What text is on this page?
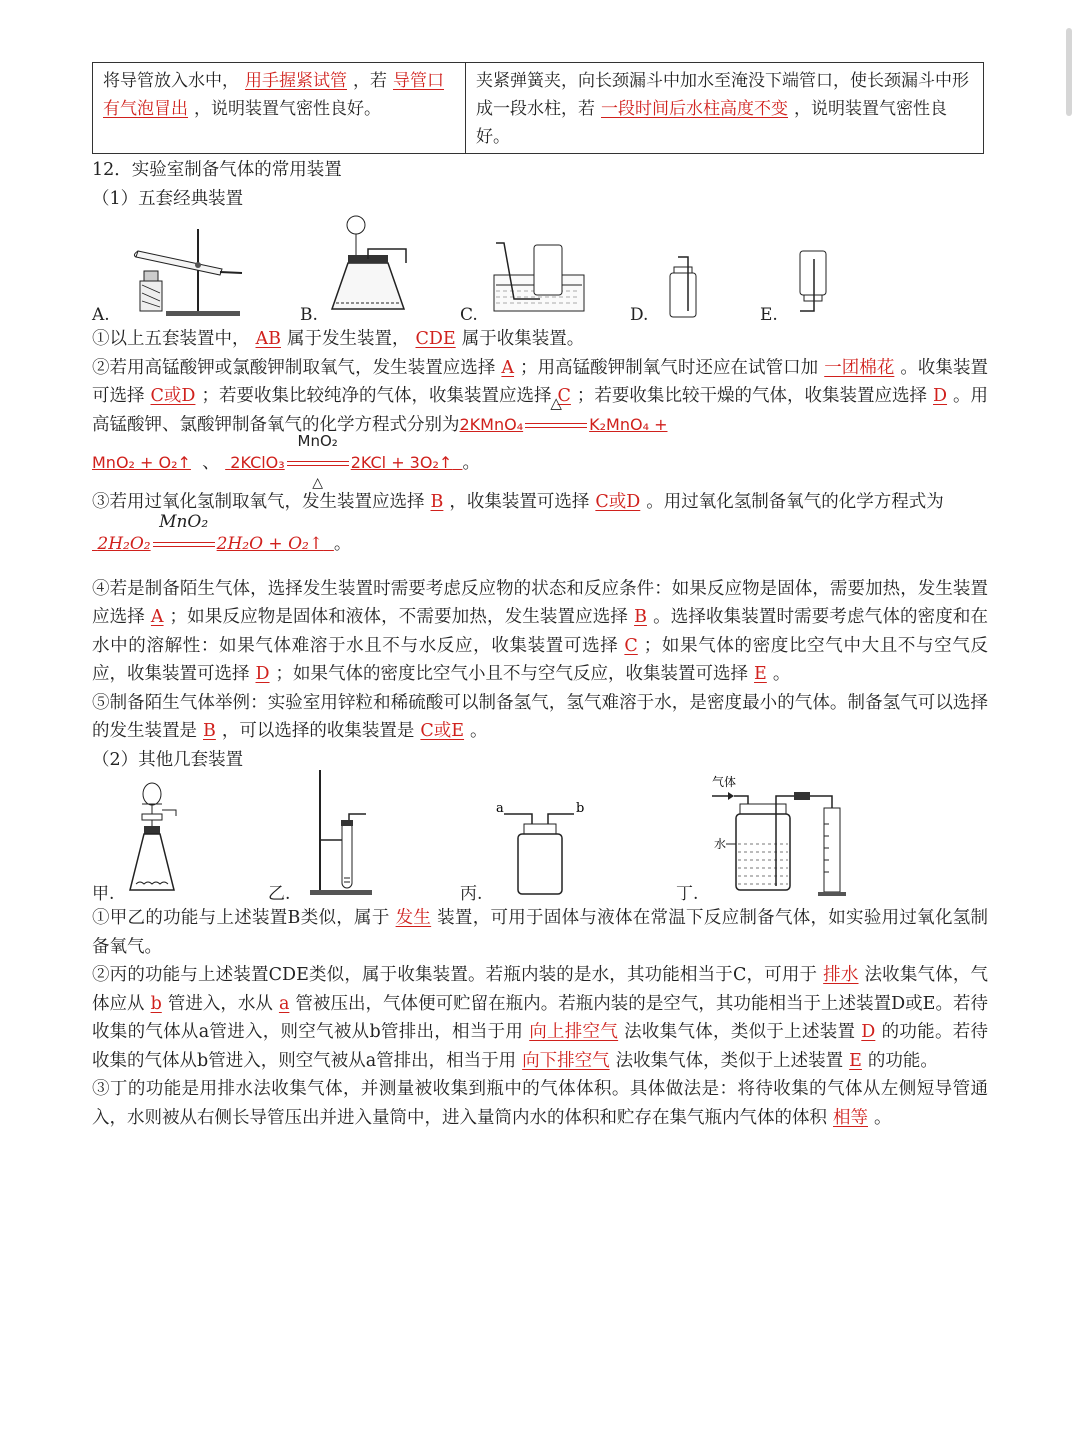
将导管放入水中， 用手握紧试管 ，若 导管口有气泡冒出 ，说明装置气密性良好。	夹紧弹簧夹，向长颈漏斗中加水至淹没下端管口，使长颈漏斗中形成一段水柱，若 一段时间后水柱高度不变 ，说明装置气密性良好。

12．实验室制备气体的常用装置

（1）五套经典装置

A.	B.	C.	D.	E.

①以上五套装置中， AB 属于发生装置， CDE 属于收集装置。

②若用高锰酸钾或氯酸钾制取氧气，发生装置应选择 A ；用高锰酸钾制氧气时还应在试管口加 一团棉花 。收集装置可选择 C或D ；若要收集比较纯净的气体，收集装置应选择 C ；若要收集比较干燥的气体，收集装置应选择 D 。用高锰酸钾、氯酸钾制备氧气的化学方程式分别为2KMnO₄
△
K₂MnO₄ +

MnO₂ + O₂↑ 、 2KClO₃
MnO₂
△
2KCl + 3O₂↑ 。

③若用过氧化氢制取氧气，发生装置应选择 B ，收集装置可选择 C或D 。用过氧化氢制备氧气的化学方程式为

2H₂O₂
MnO₂
2H₂O + O₂↑ 。

④若是制备陌生气体，选择发生装置时需要考虑反应物的状态和反应条件：如果反应物是固体，需要加热，发生装置应选择 A ；如果反应物是固体和液体，不需要加热，发生装置应选择 B 。选择收集装置时需要考虑气体的密度和在水中的溶解性：如果气体难溶于水且不与水反应，收集装置可选择 C ；如果气体的密度比空气中大且不与空气反应，收集装置可选择 D ；如果气体的密度比空气小且不与空气反应，收集装置可选择 E 。

⑤制备陌生气体举例：实验室用锌粒和稀硫酸可以制备氢气，氢气难溶于水，是密度最小的气体。制备氢气可以选择的发生装置是 B ，可以选择的收集装置是 C或E 。

（2）其他几套装置

甲.	乙.	丙.
a	b
丁.
气体
水

①甲乙的功能与上述装置B类似，属于 发生 装置，可用于固体与液体在常温下反应制备气体，如实验用过氧化氢制备氧气。

②丙的功能与上述装置CDE类似，属于收集装置。若瓶内装的是水，其功能相当于C，可用于 排水 法收集气体，气体应从 b 管进入，水从 a 管被压出，气体便可贮留在瓶内。若瓶内装的是空气，其功能相当于上述装置D或E。若待收集的气体从a管进入，则空气被从b管排出，相当于用 向上排空气 法收集气体，类似于上述装置 D 的功能。若待收集的气体从b管进入，则空气被从a管排出，相当于用 向下排空气 法收集气体，类似于上述装置 E 的功能。

③丁的功能是用排水法收集气体，并测量被收集到瓶中的气体体积。具体做法是：将待收集的气体从左侧短导管通入，水则被从右侧长导管压出并进入量筒中，进入量筒内水的体积和贮存在集气瓶内气体的体积 相等 。
